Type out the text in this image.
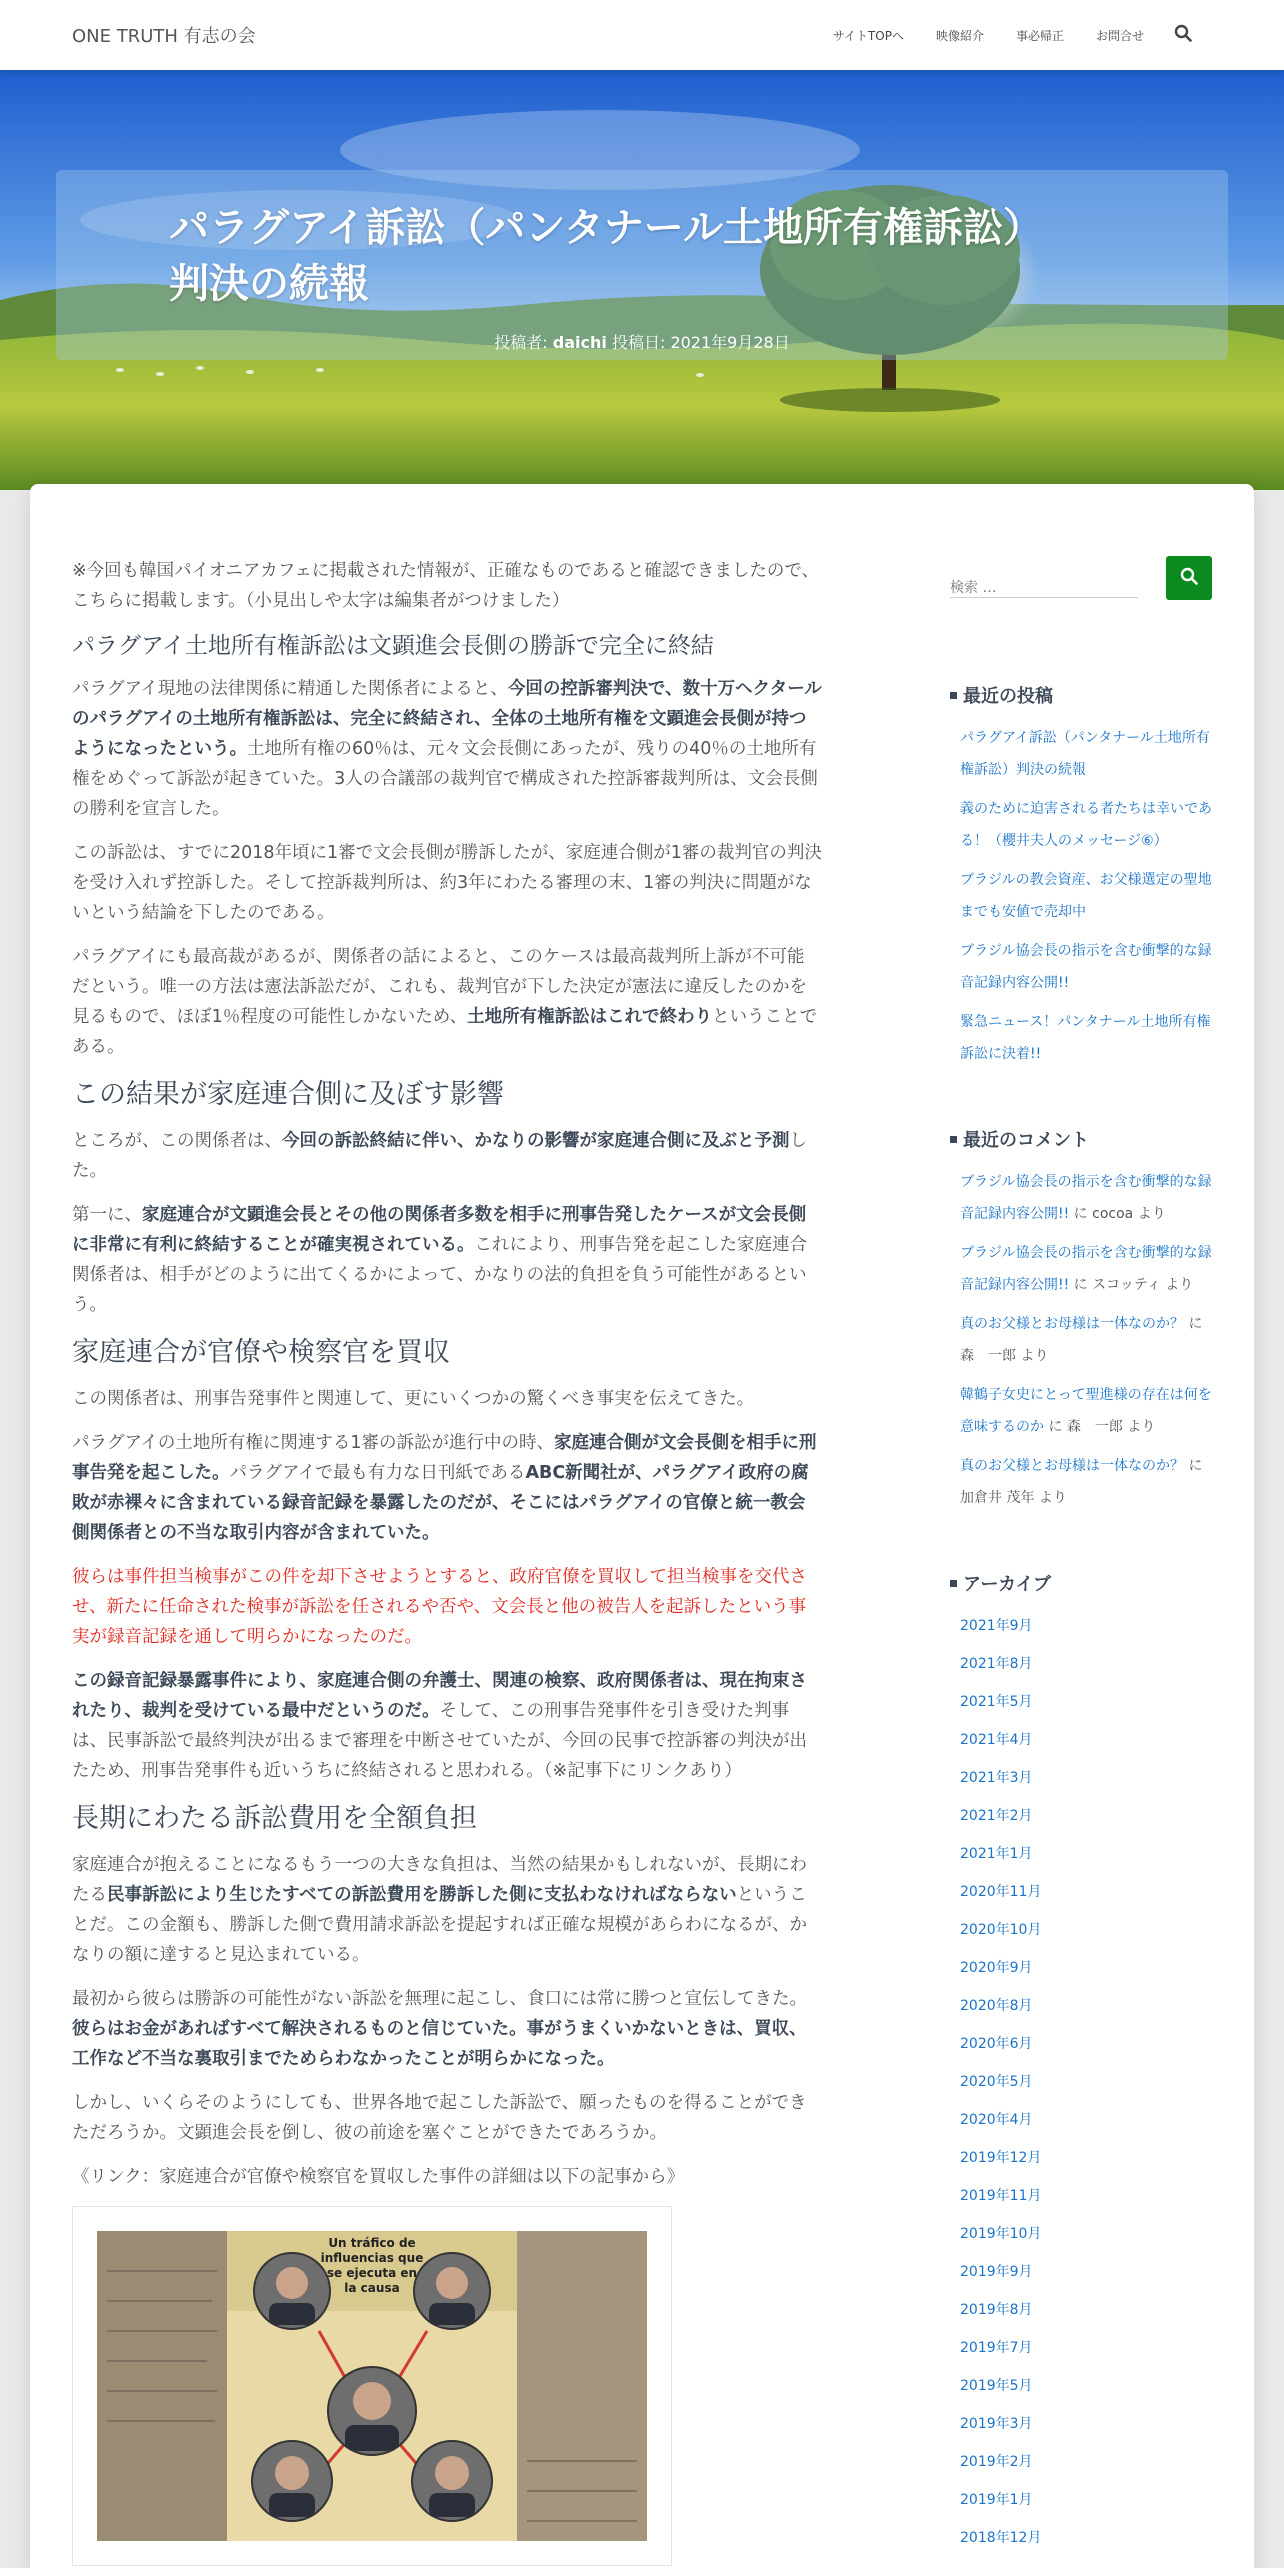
ONE TRUTH 有志の会	サイトTOPへ	映像紹介	事必帰正	お問合せ
パラグアイ訴訟（パンタナール土地所有権訴訟）
判決の続報
投稿者: daichi 投稿日: 2021年9月28日

※今回も韓国パイオニアカフェに掲載された情報が、正確なものであると確認できましたので、こちらに掲載します。（小見出しや太字は編集者がつけました）

パラグアイ土地所有権訴訟は文顕進会長側の勝訴で完全に終結

パラグアイ現地の法律関係に精通した関係者によると、今回の控訴審判決で、数十万ヘクタールのパラグアイの土地所有権訴訟は、完全に終結され、全体の土地所有権を文顕進会長側が持つようになったという。土地所有権の60％は、元々文会長側にあったが、残りの40％の土地所有権をめぐって訴訟が起きていた。3人の合議部の裁判官で構成された控訴審裁判所は、文会長側の勝利を宣言した。

この訴訟は、すでに2018年頃に1審で文会長側が勝訴したが、家庭連合側が1審の裁判官の判決を受け入れず控訴した。そして控訴裁判所は、約3年にわたる審理の末、1審の判決に問題がないという結論を下したのである。

パラグアイにも最高裁があるが、関係者の話によると、このケースは最高裁判所上訴が不可能だという。唯一の方法は憲法訴訟だが、これも、裁判官が下した決定が憲法に違反したのかを見るもので、ほぼ1％程度の可能性しかないため、土地所有権訴訟はこれで終わりということである。

この結果が家庭連合側に及ぼす影響

ところが、この関係者は、今回の訴訟終結に伴い、かなりの影響が家庭連合側に及ぶと予測した。

第一に、家庭連合が文顕進会長とその他の関係者多数を相手に刑事告発したケースが文会長側に非常に有利に終結することが確実視されている。これにより、刑事告発を起こした家庭連合関係者は、相手がどのように出てくるかによって、かなりの法的負担を負う可能性があるという。

家庭連合が官僚や検察官を買収

この関係者は、刑事告発事件と関連して、更にいくつかの驚くべき事実を伝えてきた。

パラグアイの土地所有権に関連する1審の訴訟が進行中の時、家庭連合側が文会長側を相手に刑事告発を起こした。パラグアイで最も有力な日刊紙であるABC新聞社が、パラグアイ政府の腐敗が赤裸々に含まれている録音記録を暴露したのだが、そこにはパラグアイの官僚と統一教会側関係者との不当な取引内容が含まれていた。

彼らは事件担当検事がこの件を却下させようとすると、政府官僚を買収して担当検事を交代させ、新たに任命された検事が訴訟を任されるや否や、文会長と他の被告人を起訴したという事実が録音記録を通して明らかになったのだ。

この録音記録暴露事件により、家庭連合側の弁護士、関連の検察、政府関係者は、現在拘束されたり、裁判を受けている最中だというのだ。そして、この刑事告発事件を引き受けた判事は、民事訴訟で最終判決が出るまで審理を中断させていたが、今回の民事で控訴審の判決が出たため、刑事告発事件も近いうちに終結されると思われる。（※記事下にリンクあり）

長期にわたる訴訟費用を全額負担

家庭連合が抱えることになるもう一つの大きな負担は、当然の結果かもしれないが、長期にわたる民事訴訟により生じたすべての訴訟費用を勝訴した側に支払わなければならないということだ。この金額も、勝訴した側で費用請求訴訟を提起すれば正確な規模があらわになるが、かなりの額に達すると見込まれている。

最初から彼らは勝訴の可能性がない訴訟を無理に起こし、食口には常に勝つと宣伝してきた。彼らはお金があればすべて解決されるものと信じていた。事がうまくいかないときは、買収、工作など不当な裏取引までためらわなかったことが明らかになった。

しかし、いくらそのようにしても、世界各地で起こした訴訟で、願ったものを得ることができただろうか。文顕進会長を倒し、彼の前途を塞ぐことができたであろうか。

《リンク：家庭連合が官僚や検察官を買収した事件の詳細は以下の記事から》

Un tráfico de
influencias que
se ejecuta en
la causa
検索 …
最近の投稿
パラグアイ訴訟（パンタナール土地所有権訴訟）判決の続報
義のために迫害される者たちは幸いである！（櫻井夫人のメッセージ⑥）
ブラジルの教会資産、お父様選定の聖地までも安値で売却中
ブラジル協会長の指示を含む衝撃的な録音記録内容公開!!
緊急ニュース！パンタナール土地所有権訴訟に決着!!
最近のコメント
ブラジル協会長の指示を含む衝撃的な録音記録内容公開!! に cocoa より
ブラジル協会長の指示を含む衝撃的な録音記録内容公開!! に スコッティ より
真のお父様とお母様は一体なのか？ に 森　一郎 より
韓鶴子女史にとって聖進様の存在は何を意味するのか に 森　一郎 より
真のお父様とお母様は一体なのか？ に 加倉井 茂年 より
アーカイブ
2021年9月
2021年8月
2021年5月
2021年4月
2021年3月
2021年2月
2021年1月
2020年11月
2020年10月
2020年9月
2020年8月
2020年6月
2020年5月
2020年4月
2019年12月
2019年11月
2019年10月
2019年9月
2019年8月
2019年7月
2019年5月
2019年3月
2019年2月
2019年1月
2018年12月
